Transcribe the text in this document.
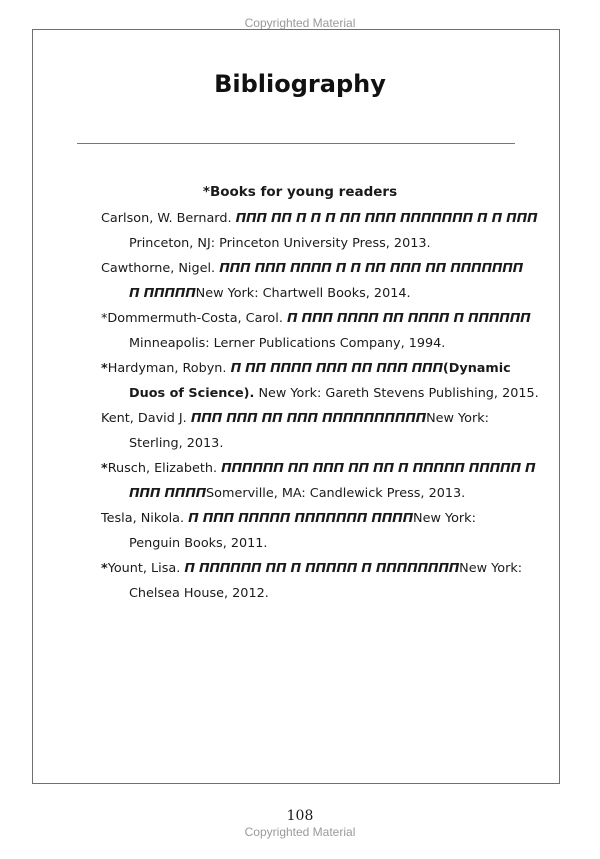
Copyrighted Material
Bibliography
*Books for young readers
Carlson, W. Bernard. ΠΠΠ ΠΠ Π Π Π ΠΠ ΠΠΠ ΠΠΠΠΠΠΠ Π Π ΠΠΠ
Princeton, NJ: Princeton University Press, 2013.
Cawthorne, Nigel. ΠΠΠ ΠΠΠ ΠΠΠΠ Π Π ΠΠ ΠΠΠ ΠΠ ΠΠΠΠΠΠΠ
Π ΠΠΠΠΠNew York: Chartwell Books, 2014.
*Dommermuth-Costa, Carol. Π ΠΠΠ ΠΠΠΠ ΠΠ ΠΠΠΠ Π ΠΠΠΠΠΠ
Minneapolis: Lerner Publications Company, 1994.
*Hardyman, Robyn. Π ΠΠ ΠΠΠΠ ΠΠΠ ΠΠ ΠΠΠ ΠΠΠ(Dynamic
Duos of Science). New York: Gareth Stevens Publishing, 2015.
Kent, David J. ΠΠΠ ΠΠΠ ΠΠ ΠΠΠ ΠΠΠΠΠΠΠΠΠΠNew York:
Sterling, 2013.
*Rusch, Elizabeth. ΠΠΠΠΠΠ ΠΠ ΠΠΠ ΠΠ ΠΠ Π ΠΠΠΠΠ ΠΠΠΠΠ Π
ΠΠΠ ΠΠΠΠSomerville, MA: Candlewick Press, 2013.
Tesla, Nikola. Π ΠΠΠ ΠΠΠΠΠ ΠΠΠΠΠΠΠ ΠΠΠΠNew York:
Penguin Books, 2011.
*Yount, Lisa. Π ΠΠΠΠΠΠ ΠΠ Π ΠΠΠΠΠ Π ΠΠΠΠΠΠΠΠNew York:
Chelsea House, 2012.
108
Copyrighted Material
